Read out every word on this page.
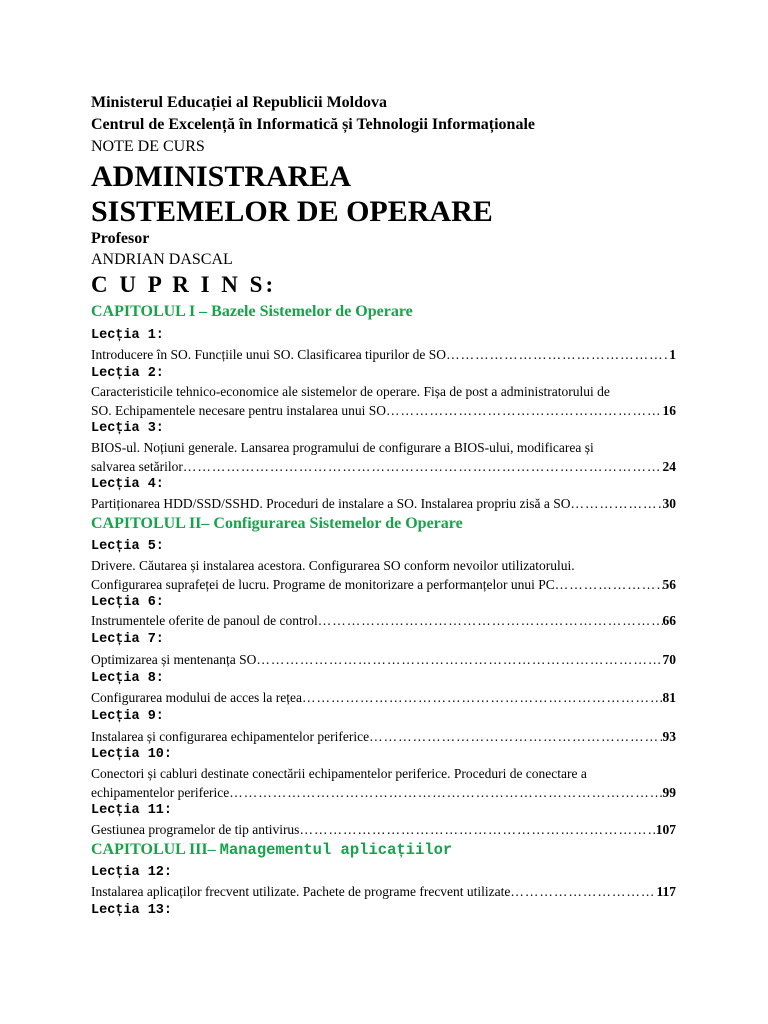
Ministerul Educației al Republicii Moldova
Centrul de Excelență în Informatică și Tehnologii Informaționale
NOTE DE CURS
ADMINISTRAREA
SISTEMELOR DE OPERARE
Profesor
ANDRIAN DASCAL
C U P R I N S:
CAPITOLUL I – Bazele Sistemelor de Operare
Lecția 1:
Introducere în SO. Funcțiile unui SO. Clasificarea tipurilor de SO ……………………………………………………………………………………………………………………………………………………………………	1
Lecția 2:
Caracteristicile tehnico-economice ale sistemelor de operare. Fișa de post a administratorului de
SO. Echipamentele necesare pentru instalarea unui SO ……………………………………………………………………………………………………………………………………………………………………	16
Lecția 3:
BIOS-ul. Noțiuni generale. Lansarea programului de configurare a BIOS-ului, modificarea și
salvarea setărilor ……………………………………………………………………………………………………………………………………………………………………	24
Lecția 4:
Partiționarea HDD/SSD/SSHD. Proceduri de instalare a SO. Instalarea propriu zisă a SO ……………………………………………………………………………………………………………………………………………………………………	30
CAPITOLUL II– Configurarea Sistemelor de Operare
Lecția 5:
Drivere. Căutarea și instalarea acestora. Configurarea SO conform nevoilor utilizatorului.
Configurarea suprafeței de lucru. Programe de monitorizare a performanțelor unui PC ……………………………………………………………………………………………………………………………………………………………………	56
Lecția 6:
Instrumentele oferite de panoul de control ……………………………………………………………………………………………………………………………………………………………………	66
Lecția 7:
Optimizarea și mentenanța SO ……………………………………………………………………………………………………………………………………………………………………	70
Lecția 8:
Configurarea modului de acces la rețea ……………………………………………………………………………………………………………………………………………………………………	81
Lecția 9:
Instalarea și configurarea echipamentelor periferice ……………………………………………………………………………………………………………………………………………………………………	93
Lecția 10:
Conectori și cabluri destinate conectării echipamentelor periferice. Proceduri de conectare a
echipamentelor periferice ……………………………………………………………………………………………………………………………………………………………………	99
Lecția 11:
Gestiunea programelor de tip antivirus ……………………………………………………………………………………………………………………………………………………………………	107
CAPITOLUL III– Managementul aplicațiilor
Lecția 12:
Instalarea aplicaților frecvent utilizate. Pachete de programe frecvent utilizate ……………………………………………………………………………………………………………………………………………………………………	117
Lecția 13:
